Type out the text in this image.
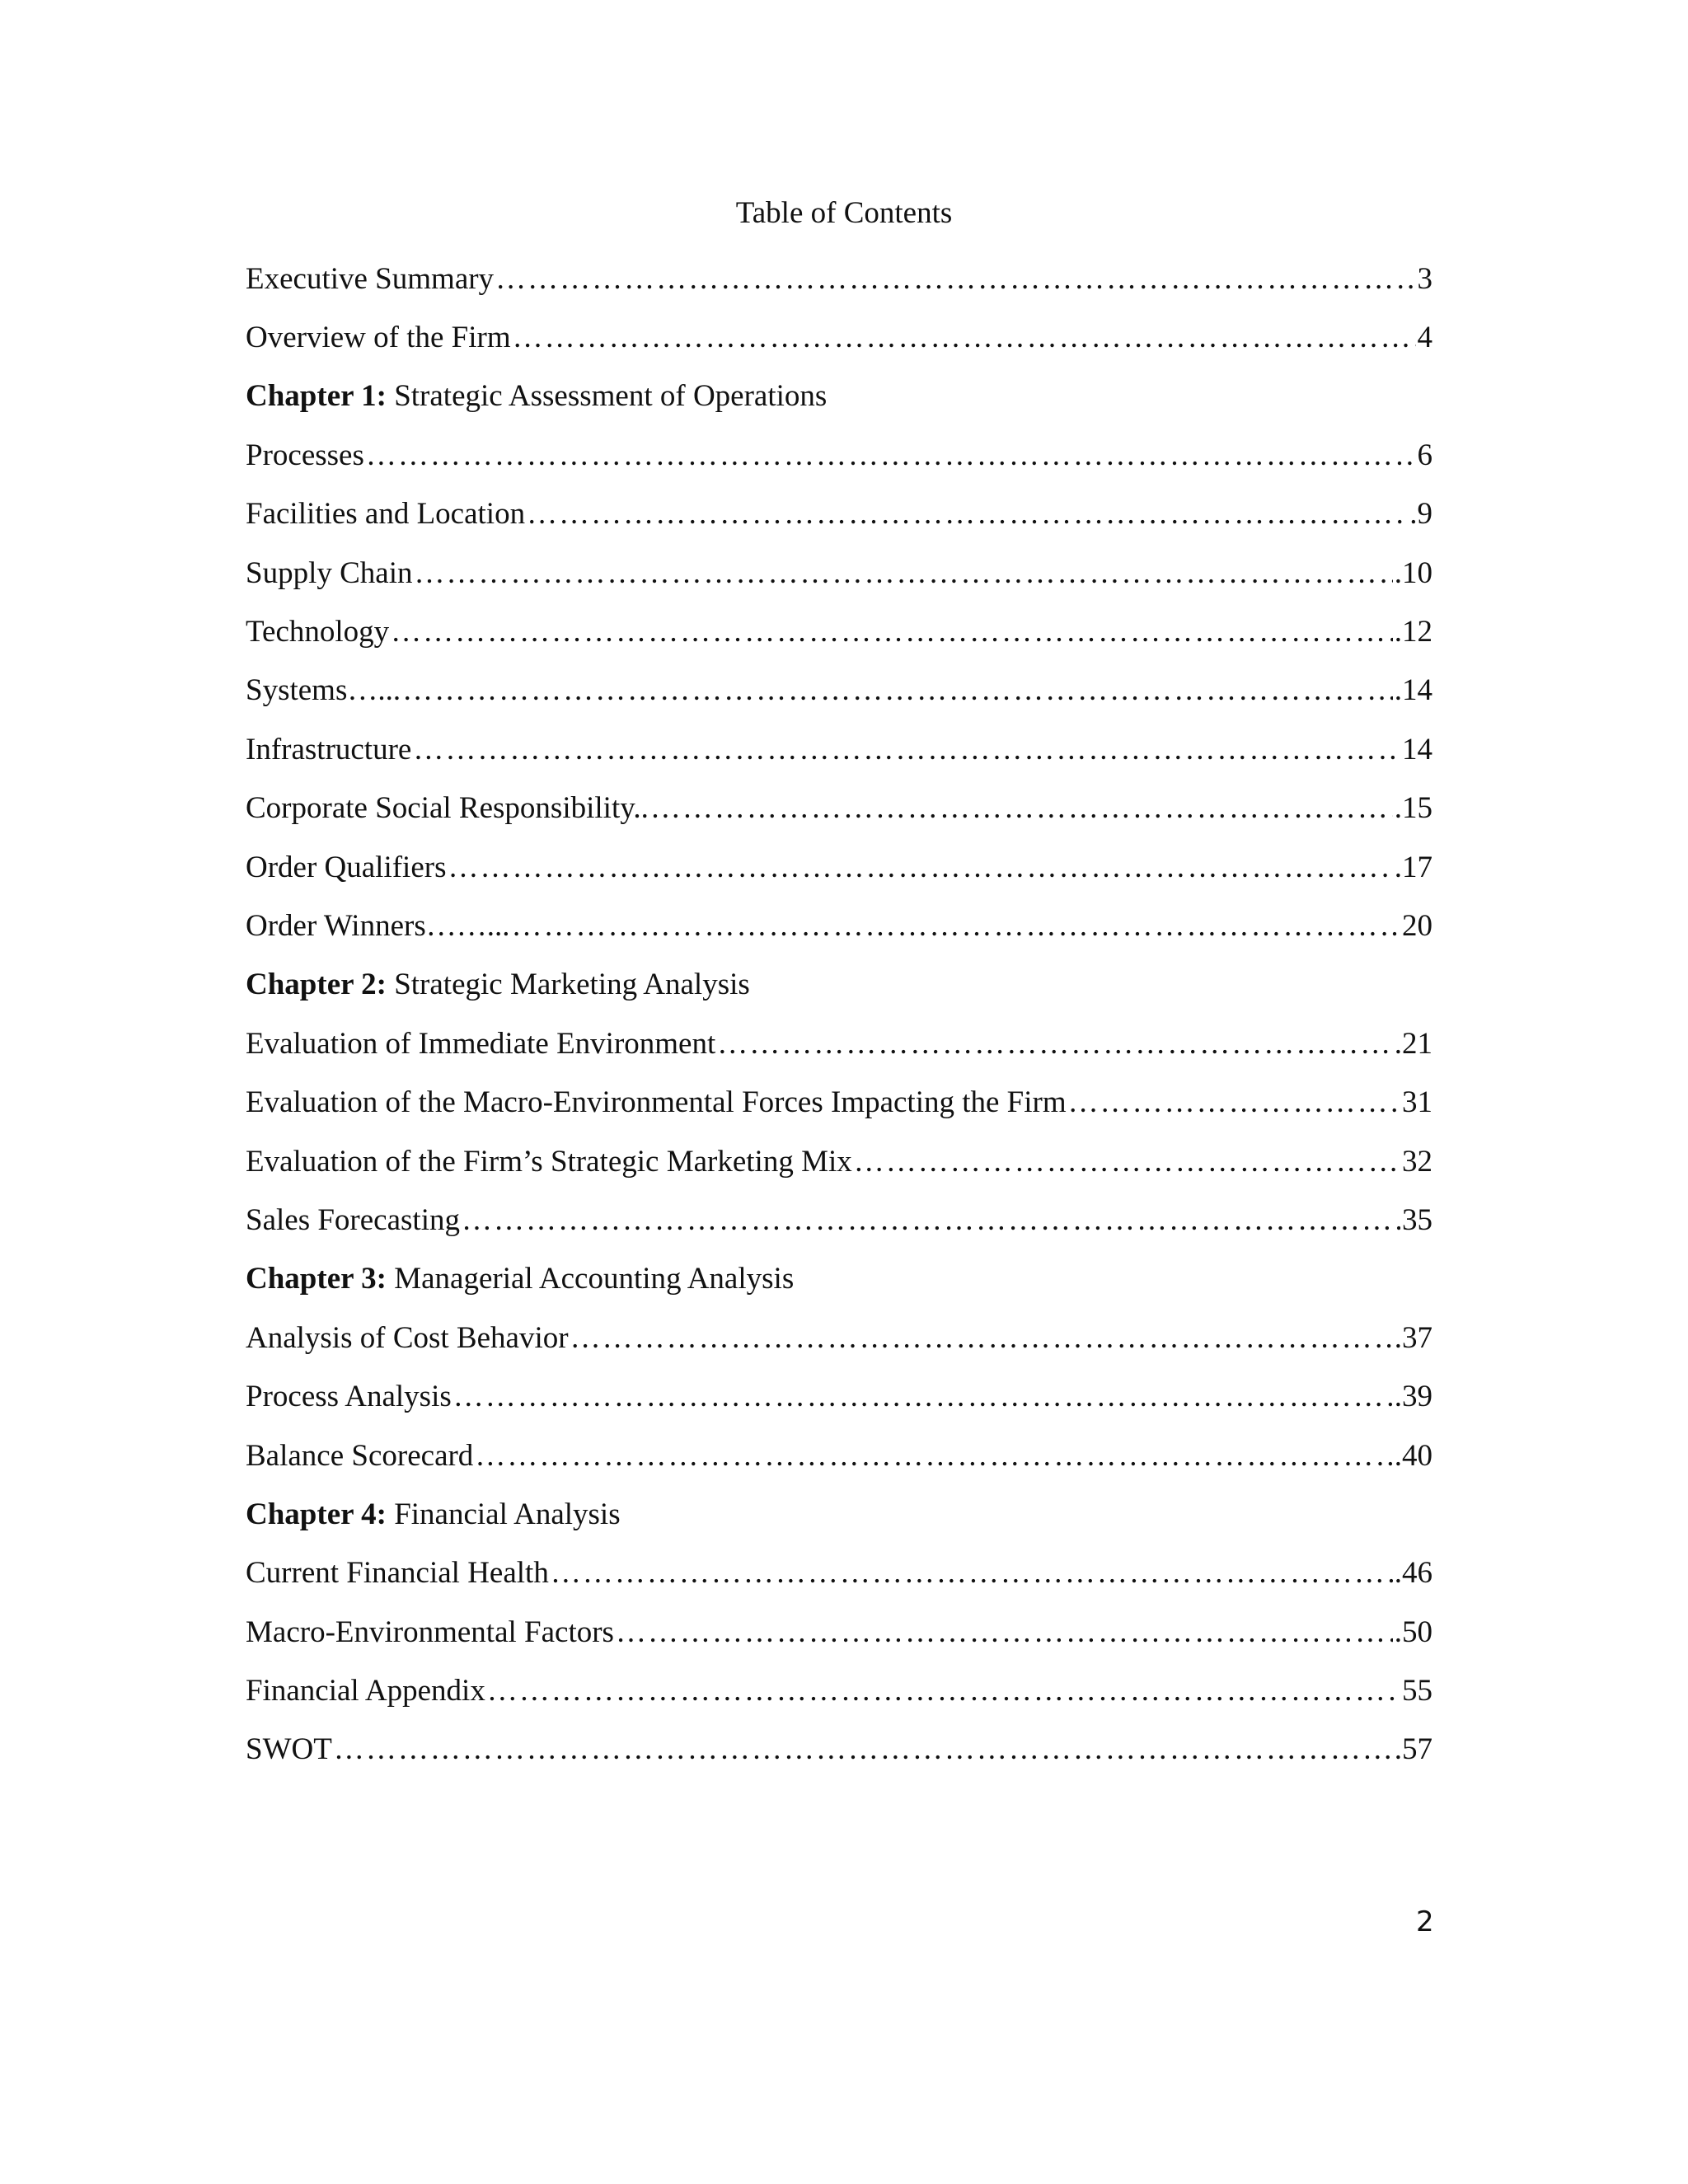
Table of Contents
Executive Summary …………………………………………………………………………………………………………………………………………………………………………………………………………………………………………………	3
Overview of the Firm …………………………………………………………………………………………………………………………………………………………………………………………………………………………………………………	4
Chapter 1: Strategic Assessment of Operations
Processes …………………………………………………………………………………………………………………………………………………………………………………………………………………………………………………	6
Facilities and Location …………………………………………………………………………………………………………………………………………………………………………………………………………………………………………………	.9
Supply Chain …………………………………………………………………………………………………………………………………………………………………………………………………………………………………………………	.10
Technology …………………………………………………………………………………………………………………………………………………………………………………………………………………………………………………	.12
Systems…... …………………………………………………………………………………………………………………………………………………………………………………………………………………………………………………	.14
Infrastructure …………………………………………………………………………………………………………………………………………………………………………………………………………………………………………………	14
Corporate Social Responsibility.. …………………………………………………………………………………………………………………………………………………………………………………………………………………………………………………	.15
Order Qualifiers …………………………………………………………………………………………………………………………………………………………………………………………………………………………………………………	.17
Order Winners……... …………………………………………………………………………………………………………………………………………………………………………………………………………………………………………………	20
Chapter 2: Strategic Marketing Analysis
Evaluation of Immediate Environment …………………………………………………………………………………………………………………………………………………………………………………………………………………………………………………	.21
Evaluation of the Macro-Environmental Forces Impacting the Firm …………………………………………………………………………………………………………………………………………………………………………………………………………………………………………………	31
Evaluation of the Firm’s Strategic Marketing Mix …………………………………………………………………………………………………………………………………………………………………………………………………………………………………………………	32
Sales Forecasting …………………………………………………………………………………………………………………………………………………………………………………………………………………………………………………	35
Chapter 3: Managerial Accounting Analysis
Analysis of Cost Behavior …………………………………………………………………………………………………………………………………………………………………………………………………………………………………………………	.37
Process Analysis …………………………………………………………………………………………………………………………………………………………………………………………………………………………………………………	.39
Balance Scorecard …………………………………………………………………………………………………………………………………………………………………………………………………………………………………………………	.40
Chapter 4: Financial Analysis
Current Financial Health …………………………………………………………………………………………………………………………………………………………………………………………………………………………………………………	.46
Macro-Environmental Factors …………………………………………………………………………………………………………………………………………………………………………………………………………………………………………………	.50
Financial Appendix …………………………………………………………………………………………………………………………………………………………………………………………………………………………………………………	55
SWOT …………………………………………………………………………………………………………………………………………………………………………………………………………………………………………………	.57
2
